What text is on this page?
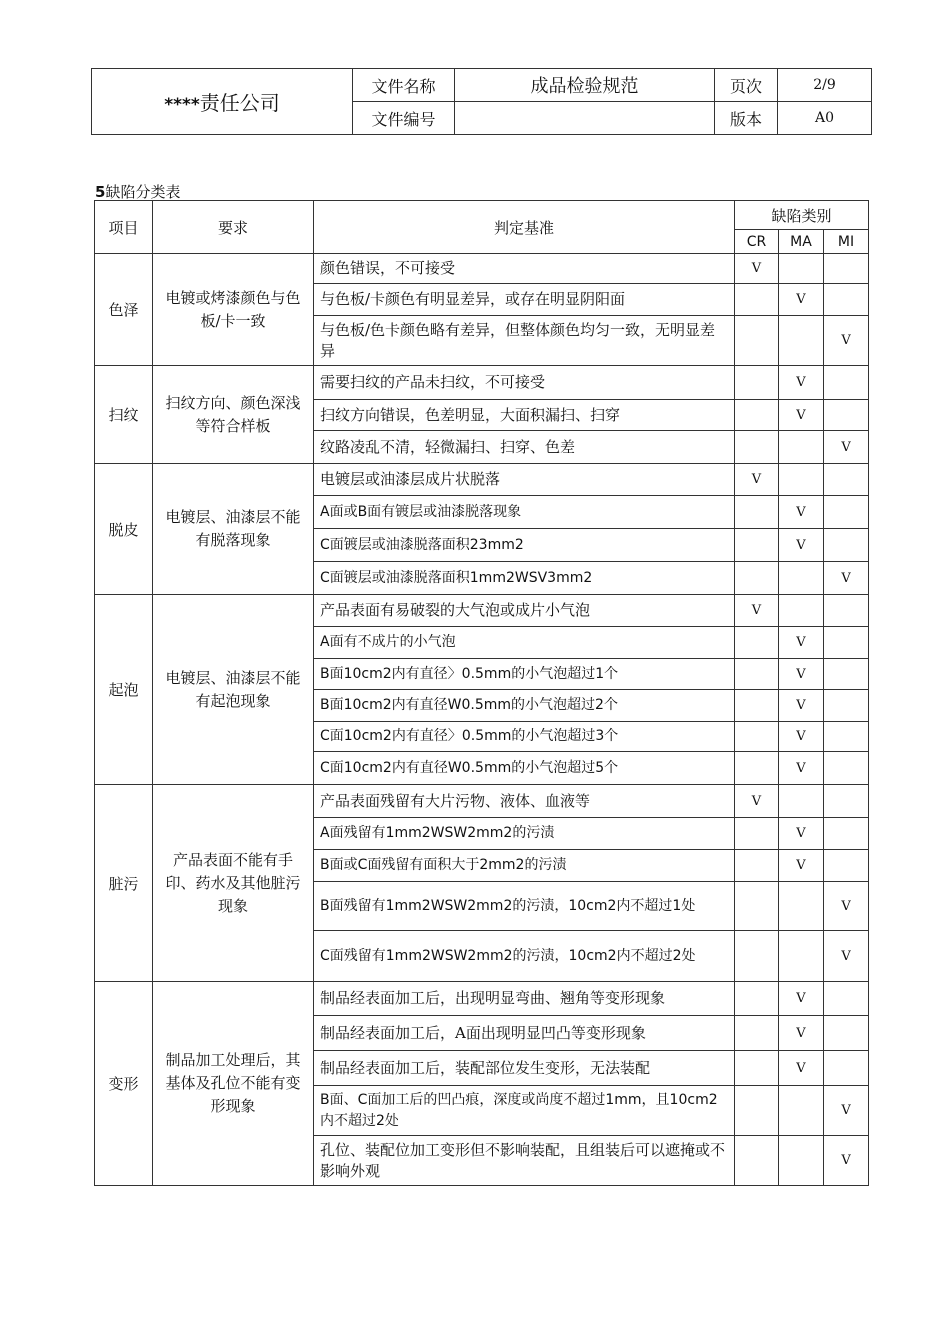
****责任公司	文件名称	成品检验规范	页次	2/9
	文件编号		版本	A0
5缺陷分类表
项目	要求	判定基准	缺陷类别		
			CR	MA	MI
色泽	电镀或烤漆颜色与色板/卡一致	颜色错误，不可接受	V		
		与色板/卡颜色有明显差异，或存在明显阴阳面		V	
		与色板/色卡颜色略有差异，但整体颜色均匀一致，无明显差异			V
扫纹	扫纹方向、颜色深浅等符合样板	需要扫纹的产品未扫纹，不可接受		V	
		扫纹方向错误，色差明显，大面积漏扫、扫穿		V	
		纹路凌乱不清，轻微漏扫、扫穿、色差			V
脱皮	电镀层、油漆层不能有脱落现象	电镀层或油漆层成片状脱落	V		
		A面或B面有镀层或油漆脱落现象		V	
		C面镀层或油漆脱落面积23mm2		V	
		C面镀层或油漆脱落面积1mm2WSV3mm2			V
起泡	电镀层、油漆层不能有起泡现象	产品表面有易破裂的大气泡或成片小气泡	V		
		A面有不成片的小气泡		V	
		B面10cm2内有直径〉0.5mm的小气泡超过1个		V	
		B面10cm2内有直径W0.5mm的小气泡超过2个		V	
		C面10cm2内有直径〉0.5mm的小气泡超过3个		V	
		C面10cm2内有直径W0.5mm的小气泡超过5个		V	
脏污	产品表面不能有手印、药水及其他脏污现象	产品表面残留有大片污物、液体、血液等	V		
		A面残留有1mm2WSW2mm2的污渍		V	
		B面或C面残留有面积大于2mm2的污渍		V	
		B面残留有1mm2WSW2mm2的污渍，10cm2内不超过1处			V
		C面残留有1mm2WSW2mm2的污渍，10cm2内不超过2处			V
变形	制品加工处理后，其基体及孔位不能有变形现象	制品经表面加工后，出现明显弯曲、翘角等变形现象		V	
		制品经表面加工后，A面出现明显凹凸等变形现象		V	
		制品经表面加工后，装配部位发生变形，无法装配		V	
		B面、C面加工后的凹凸痕，深度或尚度不超过1mm，且10cm2内不超过2处			V
		孔位、装配位加工变形但不影响装配，且组装后可以遮掩或不影响外观			V
